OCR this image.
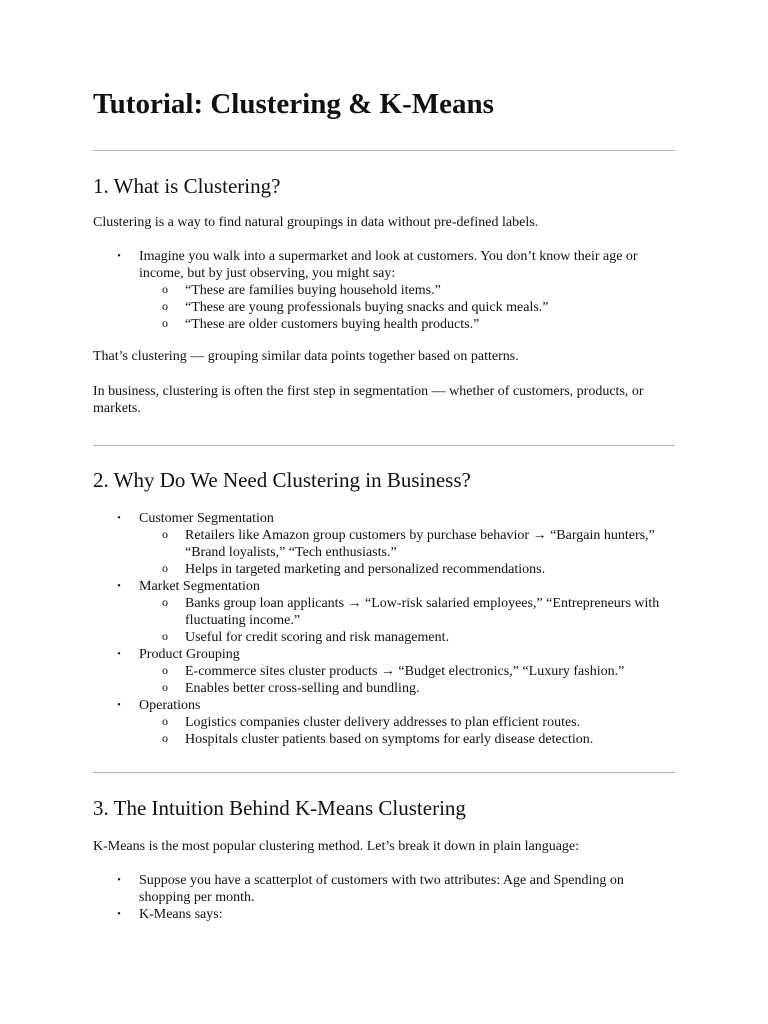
Tutorial: Clustering & K-Means
1. What is Clustering?

Clustering is a way to find natural groupings in data without pre-defined labels.

• Imagine you walk into a supermarket and look at customers. You don’t know their age or income, but by just observing, you might say:
o “These are families buying household items.”
o “These are young professionals buying snacks and quick meals.”
o “These are older customers buying health products.”

That’s clustering — grouping similar data points together based on patterns.

In business, clustering is often the first step in segmentation — whether of customers, products, or markets.

2. Why Do We Need Clustering in Business?
• Customer Segmentation
o Retailers like Amazon group customers by purchase behavior → “Bargain hunters,” “Brand loyalists,” “Tech enthusiasts.”
o Helps in targeted marketing and personalized recommendations.
• Market Segmentation
o Banks group loan applicants → “Low-risk salaried employees,” “Entrepreneurs with fluctuating income.”
o Useful for credit scoring and risk management.
• Product Grouping
o E-commerce sites cluster products → “Budget electronics,” “Luxury fashion.”
o Enables better cross-selling and bundling.
• Operations
o Logistics companies cluster delivery addresses to plan efficient routes.
o Hospitals cluster patients based on symptoms for early disease detection.
3. The Intuition Behind K-Means Clustering

K-Means is the most popular clustering method. Let’s break it down in plain language:

• Suppose you have a scatterplot of customers with two attributes: Age and Spending on shopping per month.
• K-Means says:
